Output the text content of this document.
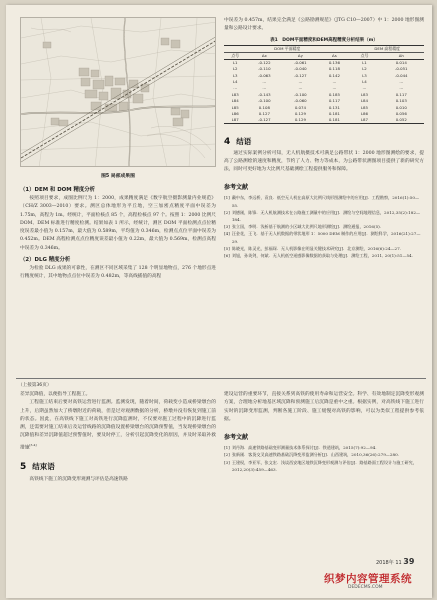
图5 局部成果图
（1）DEM 和 DOM 精度分析

按照项目要求，成图比例尺为 1：2000，成果精度满足《数字航空摄影测量内业规范》（CH/Z 3003—2010）要求。测区总体地形为平丘地，空三加密点精度平面中误差为 1.75m，高程为 1m。经统计，平面检核点 85 个，高程检核点 97 个。按照 1：2000 比例尺 DOM、DEM 标准进行精度检测。结果如表 1 所示，经统计，测区 DOM 平面检测点点位精度误差最小值为 0.157m，最大值为 0.589m，平均值为 0.346m，检测点点位平面中误差为 0.452m。DEM 高程检测点点位精度误差最小值为 0.22m，最大值为 0.569m，检测点高程中误差为 0.346m。

（2）DLG 精度分析

为检验 DLG 成果的可靠性，在测区不同区域采集了 128 个明显地物点，276 个地形点进行精度统计，其中地物点点位中误差为 0.482m，等高线插值的高程

中误差为 0.457m，结果完全满足《公路勘测规范》（JTG C10—2007）中 1：2000 地形图测量和公路设计要求。

表1　DOM平面精度和DEM高程精度分析结果（m）
DOM 平面精度				DEM 高程精度	
点号	Δx	Δy	Δs	点号	Δh
L1	-0.122	-0.061	0.136	L1	0.014
L2	-0.110	-0.040	0.118	L2	-0.051
L3	-0.063	-0.127	0.142	L3	-0.044
L4	…	…	…	L4	…
…	…	…	…	…	…
L83	-0.143	-0.100	0.185	L83	0.117
L84	-0.100	-0.060	0.117	L84	0.103
L85	0.108	0.074	0.131	L85	0.010
L86	0.127	0.129	0.181	L86	0.056
L87	-0.127	0.129	0.181	L87	0.052
4 结语

通过实际案例分析可知，无人机航摄技术可满足公路带状 1：2000 地形图测绘的要求，提高了公路测绘的速度和精度，节约了人力、物力等成本，为公路带状测图项目提供了新的研究方法，同时可更好地为大比例尺基础测绘工程提供服务和保障。

参考文献
[1] 戴中东，李远桥，袁良．低空无人机在高原大比例尺线形图测绘中的应用[J]．工程勘察，2016(1):50—55.
[2] 刘德刚，陈锋．无人机航测技术在公路施工测量中的应用[J]．测绘与空间地理信息，2012,35(2):182—184.
[3] 张立国，李明．浅析基于航测的小区域大比例尺地形测绘[J]．测绘通报，2016(5).
[4] 汪金花，王飞．基于无人机数据的带状地形 1：5000 DEM 制作的应用[J]．测绘科学，2016(21):27—29.
[5] 陈晓光，陈灵光，彭福琛．无人机影像在明显关键技术研究[J]．北京测绘，2016(6):24—27.
[6] 刘旭，孙英剑，何斌．无人机低空遥感影像数据的获取与处理[J]．测绘工程，2011, 20(1):51—54.
（上接第36页）

差异沉降值，以便指导工程施工。

工程施工结束后要对高铁运营进行监测。监测发现，随着时间，荷载变小造成桥梁墩台的上升，后期虽然加大了桥墩附近的荷载，但是过对观测数据的分析，桥墩并没有恢复到施工前的状态。因此，在高铁线下施工对高铁进行沉降监测时，不仅要对施工过程中的沉降进行监测，还需要对施工结束后及运营线路的沉降值设置桥梁墩台的沉降预警值，当发现桥梁墩台的沉降值和差异沉降值超过预警值时，要及时停工，分析引起沉降变化的原因，并及时采取补救措施[3-4]

5 结束语

高铁线下施工的沉降变形观测与评估是高速铁路

建设运营的重要环节，直接关系到高铁的使用寿命和运营安全。科学、有效地制定沉降变形观测方案，合理地分析地基区域沉降和预测施工后沉降是重中之重。根据实例，对高铁线下施工进行实时的沉降变形监测，判断各施工阶段、施工缓慢对高铁的影响，可以为类似工程提供参考依据。

参考文献
[1] 刘丹海．高速铁路基础变形测量技术体系探讨[J]．铁道建筑，2015(7):92—94.
[2] 张新刚．客货交叉高速铁路基础沉降变形监测分析[J]．山西建筑，2010,36(26):279—280.
[3] 王建权，李亚军，张文宏．浅谈西安地区地铁沉降变形观测与评估[J]．路基路面工程设计与施工研究，2012,20(3):459—463.
2018年 11 39
织梦内容管理系统
DEDECMS.COM
